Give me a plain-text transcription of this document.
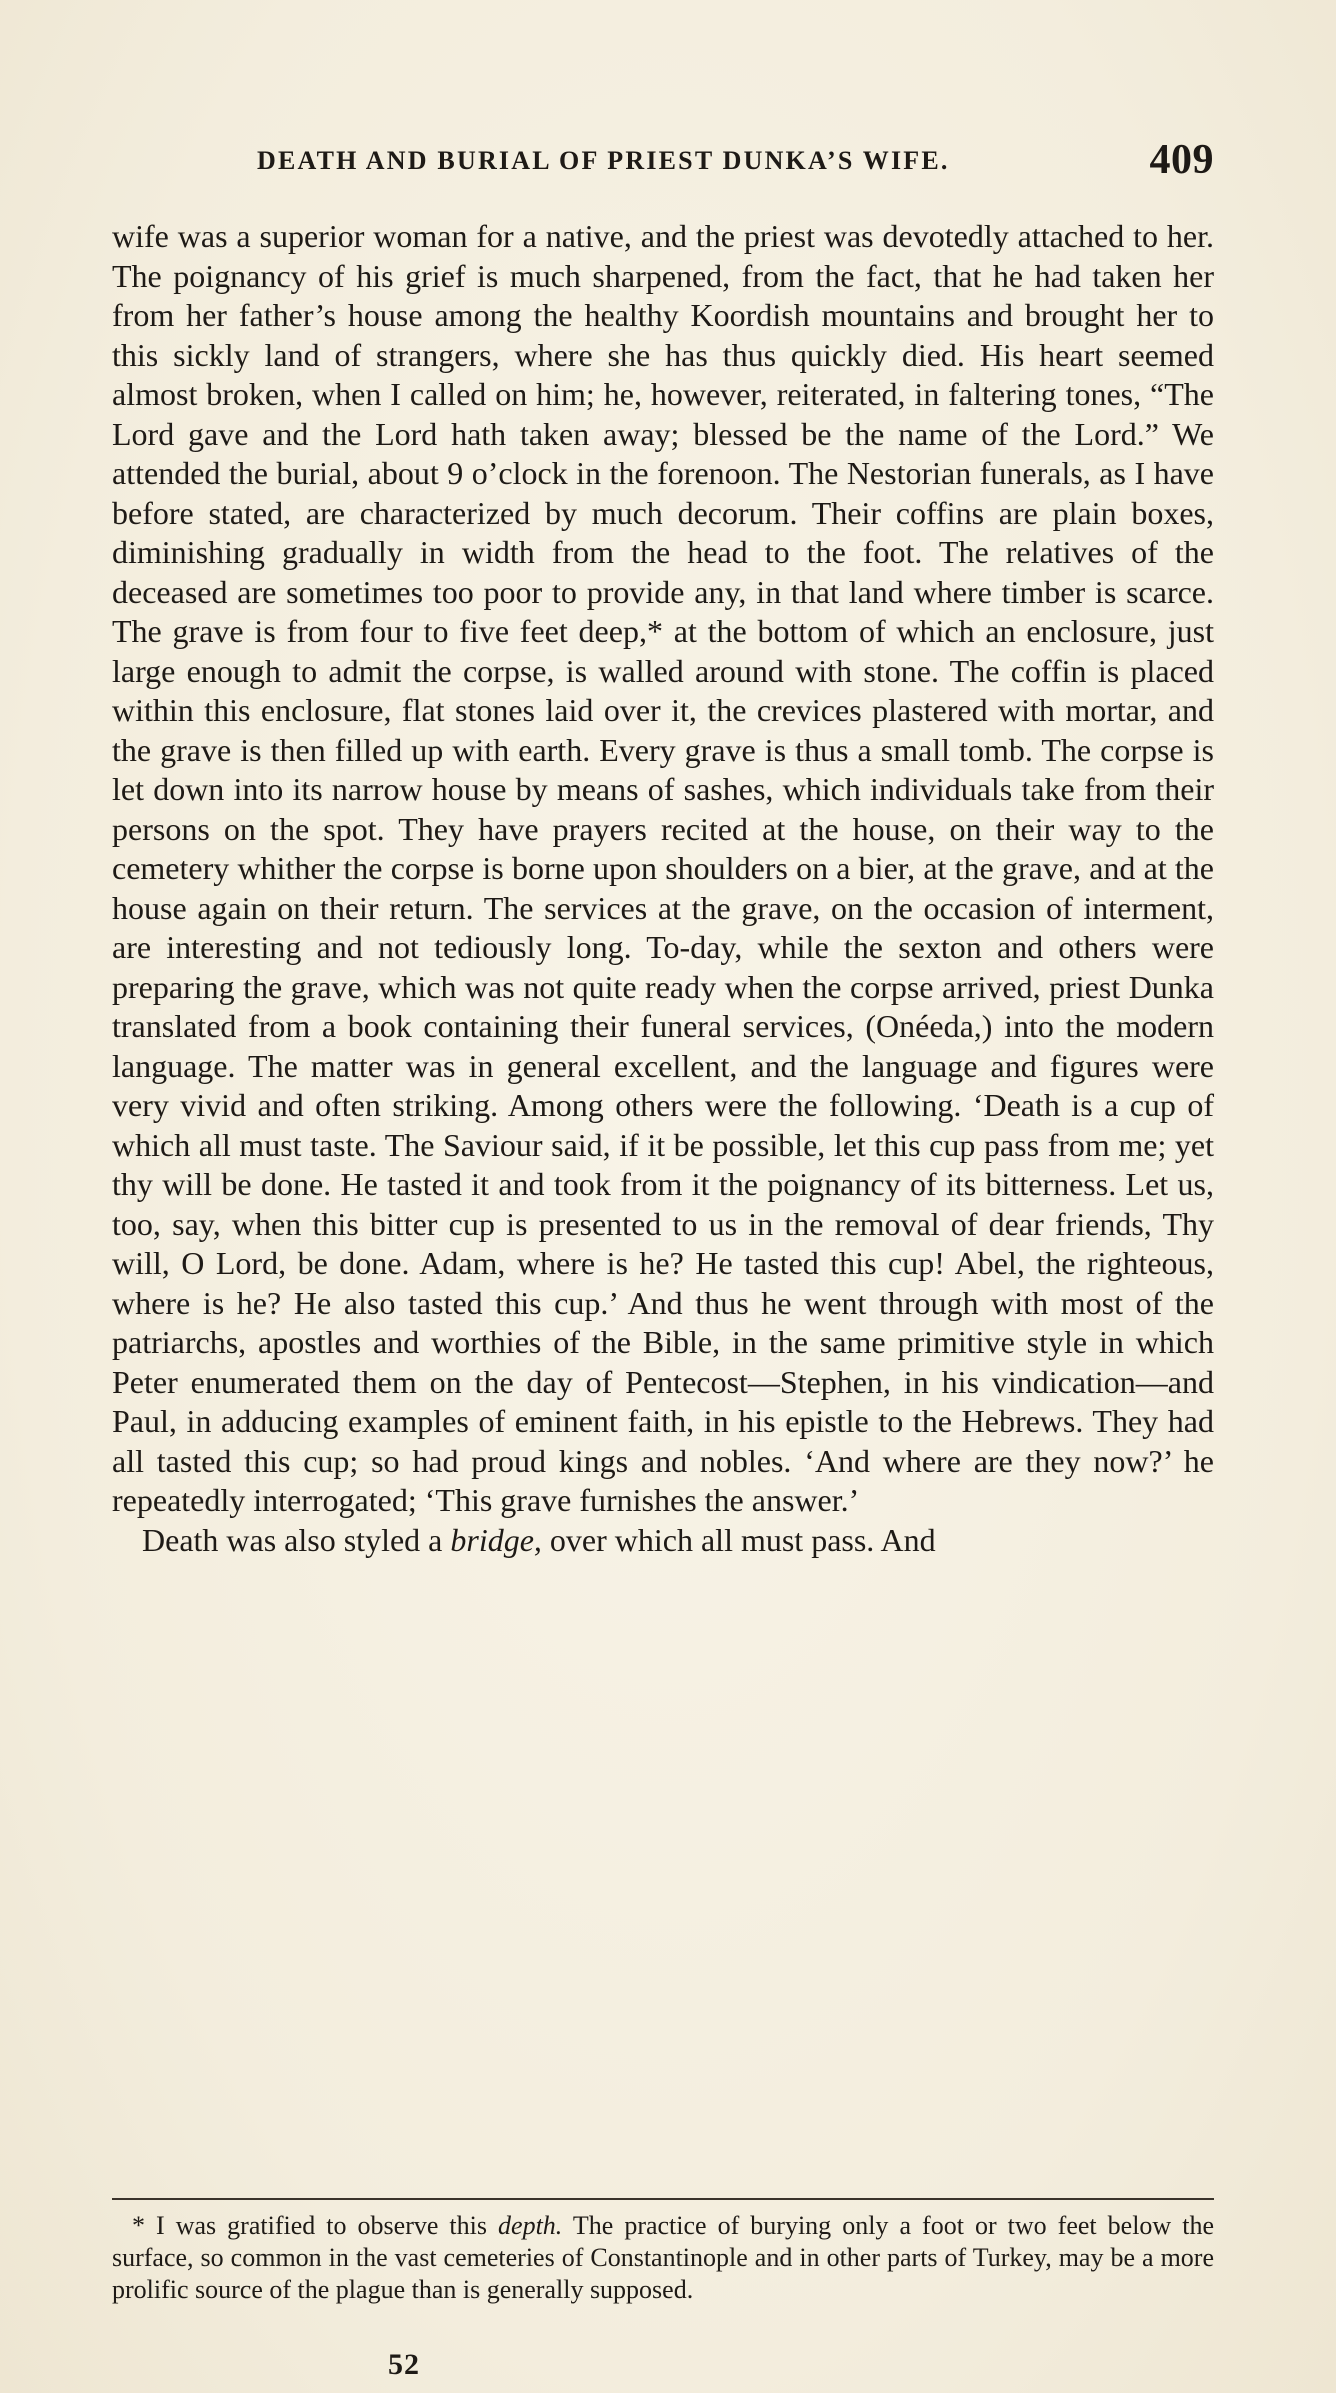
DEATH AND BURIAL OF PRIEST DUNKA’S WIFE.	409

wife was a superior woman for a native, and the priest was devotedly attached to her. The poignancy of his grief is much sharpened, from the fact, that he had taken her from her father’s house among the healthy Koordish mountains and brought her to this sickly land of strangers, where she has thus quickly died. His heart seemed almost broken, when I called on him; he, however, reiterated, in faltering tones, “The Lord gave and the Lord hath taken away; blessed be the name of the Lord.” We attended the burial, about 9 o’clock in the forenoon. The Nestorian funerals, as I have before stated, are characterized by much decorum. Their coffins are plain boxes, diminishing gradually in width from the head to the foot. The relatives of the deceased are sometimes too poor to provide any, in that land where timber is scarce. The grave is from four to five feet deep,* at the bottom of which an enclosure, just large enough to admit the corpse, is walled around with stone. The coffin is placed within this enclosure, flat stones laid over it, the crevices plastered with mortar, and the grave is then filled up with earth. Every grave is thus a small tomb. The corpse is let down into its narrow house by means of sashes, which individuals take from their persons on the spot. They have prayers recited at the house, on their way to the cemetery whither the corpse is borne upon shoulders on a bier, at the grave, and at the house again on their return. The services at the grave, on the occasion of interment, are interesting and not tediously long. To-day, while the sexton and others were preparing the grave, which was not quite ready when the corpse arrived, priest Dunka translated from a book containing their funeral services, (Onéeda,) into the modern language. The matter was in general excellent, and the language and figures were very vivid and often striking. Among others were the following. ‘Death is a cup of which all must taste. The Saviour said, if it be possible, let this cup pass from me; yet thy will be done. He tasted it and took from it the poignancy of its bitterness. Let us, too, say, when this bitter cup is presented to us in the removal of dear friends, Thy will, O Lord, be done. Adam, where is he? He tasted this cup! Abel, the righteous, where is he? He also tasted this cup.’ And thus he went through with most of the patriarchs, apostles and worthies of the Bible, in the same primitive style in which Peter enumerated them on the day of Pentecost—Stephen, in his vindication—and Paul, in adducing examples of eminent faith, in his epistle to the Hebrews. They had all tasted this cup; so had proud kings and nobles. ‘And where are they now?’ he repeatedly interrogated; ‘This grave furnishes the answer.’

Death was also styled a bridge, over which all must pass. And

* I was gratified to observe this depth. The practice of burying only a foot or two feet below the surface, so common in the vast cemeteries of Constantinople and in other parts of Turkey, may be a more prolific source of the plague than is generally supposed.

52
